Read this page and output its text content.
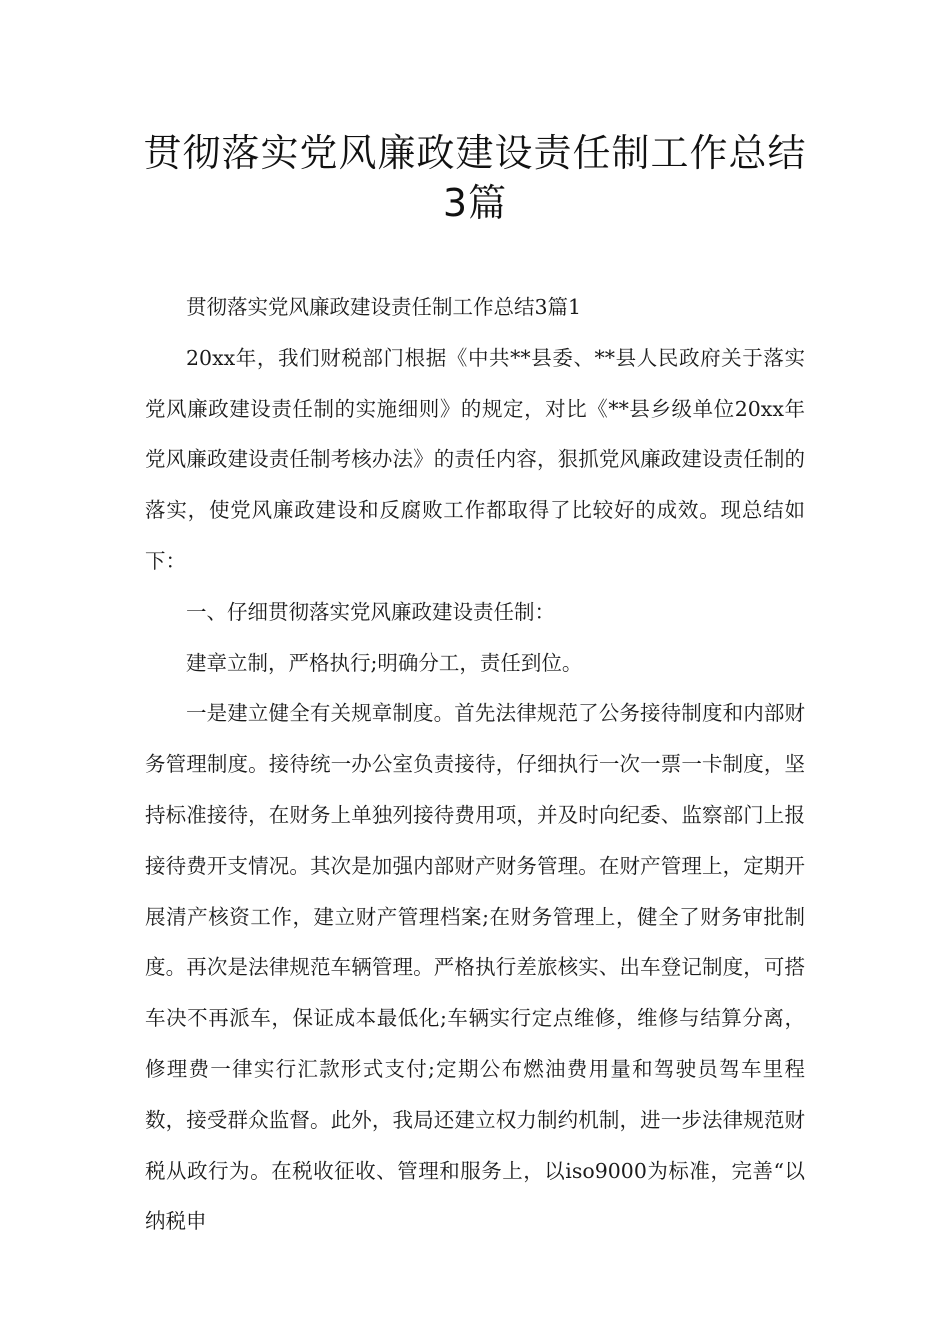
贯彻落实党风廉政建设责任制工作总结3篇

贯彻落实党风廉政建设责任制工作总结3篇1

20xx年，我们财税部门根据《中共**县委、**县人民政府关于落实党风廉政建设责任制的实施细则》的规定，对比《**县乡级单位20xx年党风廉政建设责任制考核办法》的责任内容，狠抓党风廉政建设责任制的落实，使党风廉政建设和反腐败工作都取得了比较好的成效。现总结如下：

一、仔细贯彻落实党风廉政建设责任制：

建章立制，严格执行;明确分工，责任到位。

一是建立健全有关规章制度。首先法律规范了公务接待制度和内部财务管理制度。接待统一办公室负责接待，仔细执行一次一票一卡制度，坚持标准接待，在财务上单独列接待费用项，并及时向纪委、监察部门上报接待费开支情况。其次是加强内部财产财务管理。在财产管理上，定期开展清产核资工作，建立财产管理档案;在财务管理上，健全了财务审批制度。再次是法律规范车辆管理。严格执行差旅核实、出车登记制度，可搭车决不再派车，保证成本最低化;车辆实行定点维修，维修与结算分离，修理费一律实行汇款形式支付;定期公布燃油费用量和驾驶员驾车里程数，接受群众监督。此外，我局还建立权力制约机制，进一步法律规范财税从政行为。在税收征收、管理和服务上，以iso9000为标准，完善“以纳税申
